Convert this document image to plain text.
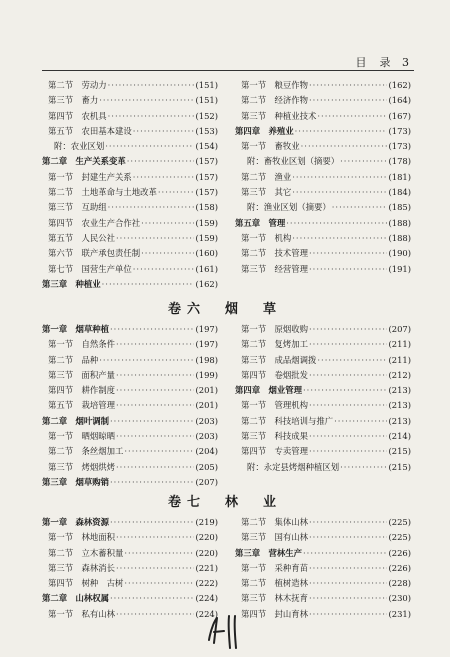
目　录 3
第二节　劳动力 ·····	(151)
第三节　畜力 ·····	(151)
第四节　农机具 ·····	(152)
第五节　农田基本建设 ·····	(153)
附：农业区划 ·····	(154)
第二章　生产关系变革 ·····	(157)
第一节　封建生产关系 ·····	(157)
第二节　土地革命与土地改革 ·····	(157)
第三节　互助组 ·····	(158)
第四节　农业生产合作社 ·····	(159)
第五节　人民公社 ·····	(159)
第六节　联产承包责任制 ·····	(160)
第七节　国营生产单位 ·····	(161)
第三章　种植业 ·····	(162)
第一节　粮豆作物 ·····	(162)
第二节　经济作物 ·····	(164)
第三节　种植业技术 ·····	(167)
第四章　养殖业 ·····	(173)
第一节　畜牧业 ·····	(173)
附：畜牧业区划（摘要） ·····	(178)
第二节　渔业 ·····	(181)
第三节　其它 ·····	(184)
附：渔业区划（摘要） ·····	(185)
第五章　管理 ·····	(188)
第一节　机构 ·····	(188)
第二节　技术管理 ·····	(190)
第三节　经营管理 ·····	(191)
卷六　烟　草
第一章　烟草种植 ·····	(197)
第一节　自然条件 ·····	(197)
第二节　品种 ·····	(198)
第三节　面积产量 ·····	(199)
第四节　耕作制度 ·····	(201)
第五节　栽培管理 ·····	(201)
第二章　烟叶调制 ·····	(203)
第一节　晒烟晾晒 ·····	(203)
第二节　条丝烟加工 ·····	(204)
第三节　烤烟烘烤 ·····	(205)
第三章　烟草购销 ·····	(207)
第一节　原烟收购 ·····	(207)
第二节　复烤加工 ·····	(211)
第三节　成品烟调拨 ·····	(211)
第四节　卷烟批发 ·····	(212)
第四章　烟业管理 ·····	(213)
第一节　管理机构 ·····	(213)
第二节　科技培训与推广 ·····	(213)
第三节　科技成果 ·····	(214)
第四节　专卖管理 ·····	(215)
附：永定县烤烟种植区划 ·····	(215)
卷七　林　业
第一章　森林资源 ·····	(219)
第一节　林地面积 ·····	(220)
第二节　立木蓄积量 ·····	(220)
第三节　森林消长 ·····	(221)
第四节　树种　古树 ·····	(222)
第二章　山林权属 ·····	(224)
第一节　私有山林 ·····	(224)
第二节　集体山林 ·····	(225)
第三节　国有山林 ·····	(225)
第三章　营林生产 ·····	(226)
第一节　采种育苗 ·····	(226)
第二节　植树造林 ·····	(228)
第三节　林木抚育 ·····	(230)
第四节　封山育林 ·····	(231)
